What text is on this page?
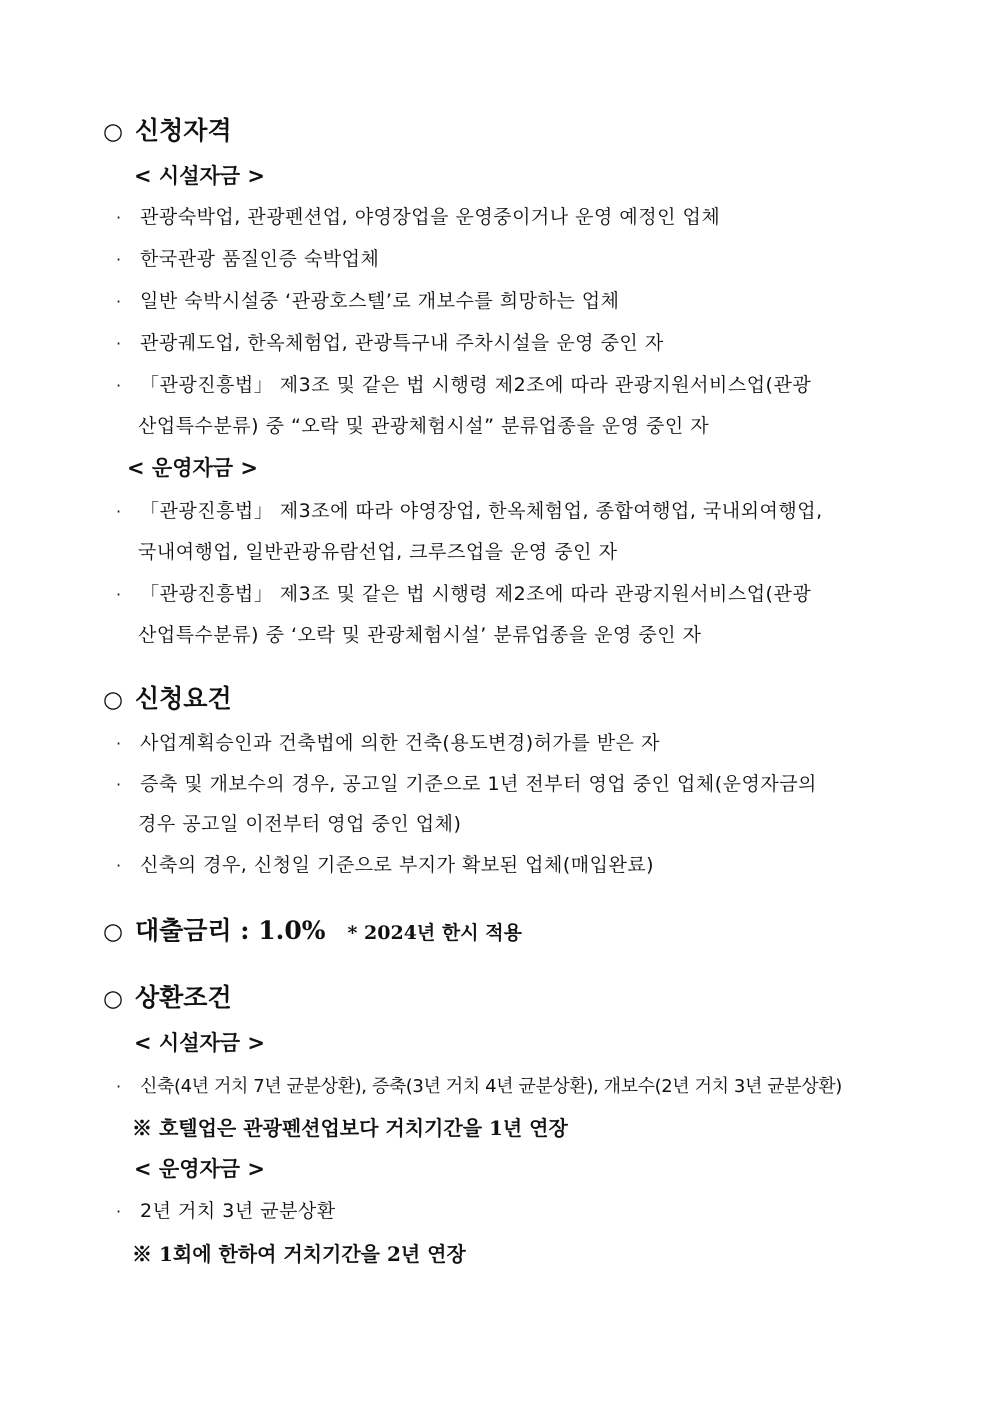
○ 신청자격
< 시설자금 >
· 관광숙박업, 관광펜션업, 야영장업을 운영중이거나 운영 예정인 업체
· 한국관광 품질인증 숙박업체
· 일반 숙박시설중 ‘관광호스텔’로 개보수를 희망하는 업체
· 관광궤도업, 한옥체험업, 관광특구내 주차시설을 운영 중인 자
· 「관광진흥법」 제3조 및 같은 법 시행령 제2조에 따라 관광지원서비스업(관광
산업특수분류) 중 “오락 및 관광체험시설” 분류업종을 운영 중인 자
< 운영자금 >
· 「관광진흥법」 제3조에 따라 야영장업, 한옥체험업, 종합여행업, 국내외여행업,
국내여행업, 일반관광유람선업, 크루즈업을 운영 중인 자
· 「관광진흥법」 제3조 및 같은 법 시행령 제2조에 따라 관광지원서비스업(관광
산업특수분류) 중 ‘오락 및 관광체험시설’ 분류업종을 운영 중인 자
○ 신청요건
· 사업계획승인과 건축법에 의한 건축(용도변경)허가를 받은 자
· 증축 및 개보수의 경우, 공고일 기준으로 1년 전부터 영업 중인 업체(운영자금의
경우 공고일 이전부터 영업 중인 업체)
· 신축의 경우, 신청일 기준으로 부지가 확보된 업체(매입완료)
○ 대출금리 : 1.0% * 2024년 한시 적용
○ 상환조건
< 시설자금 >
· 신축(4년 거치 7년 균분상환), 증축(3년 거치 4년 균분상환), 개보수(2년 거치 3년 균분상환)
※ 호텔업은 관광펜션업보다 거치기간을 1년 연장
< 운영자금 >
· 2년 거치 3년 균분상환
※ 1회에 한하여 거치기간을 2년 연장
